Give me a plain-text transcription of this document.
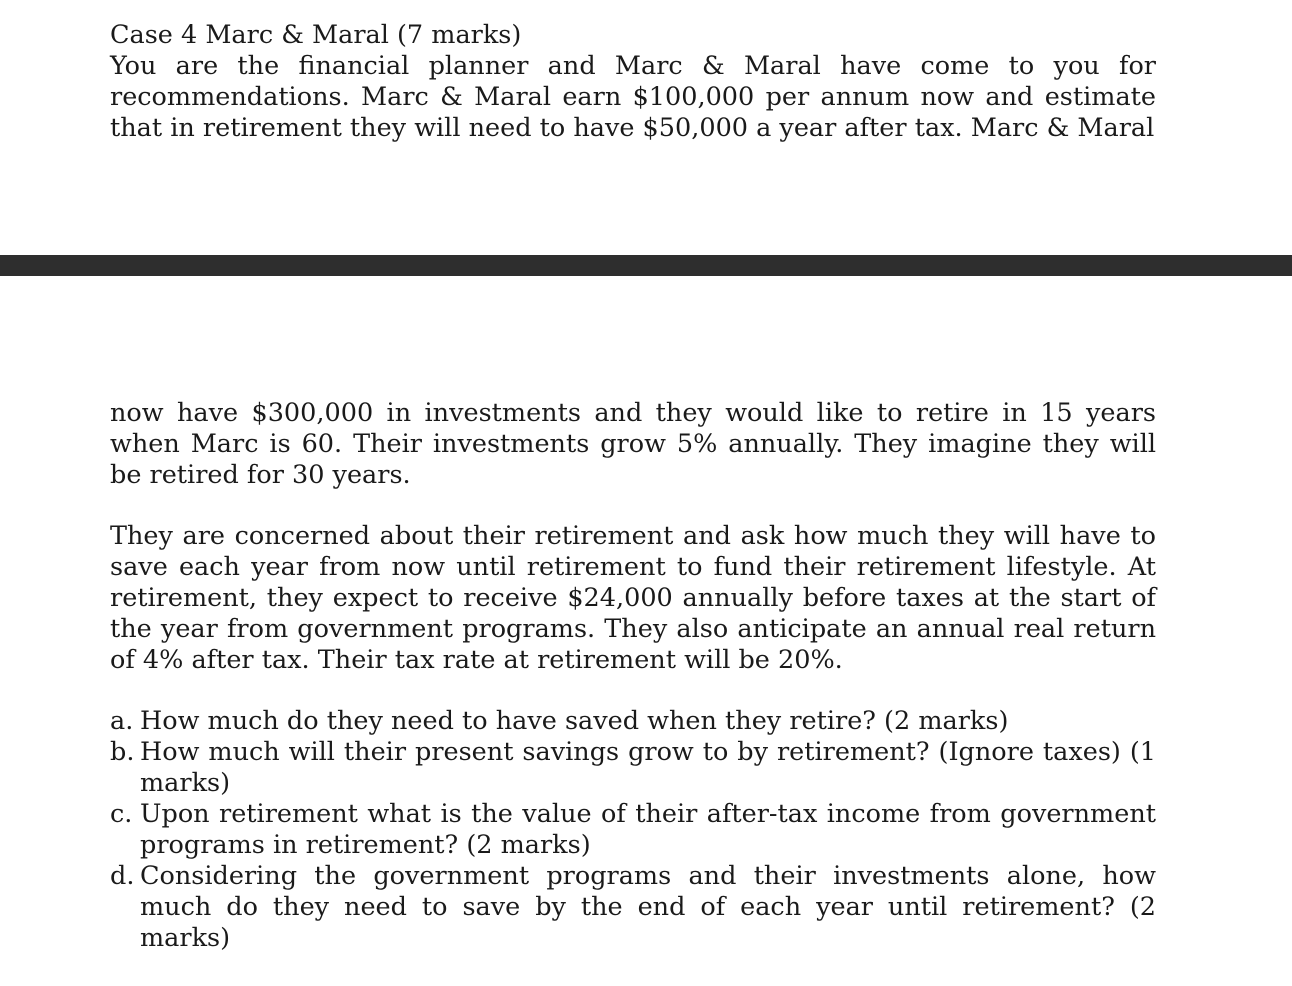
Case 4 Marc & Maral (7 marks)
You are the financial planner and Marc & Maral have come to you for recommendations. Marc & Maral earn $100,000 per annum now and estimate that in retirement they will need to have $50,000 a year after tax. Marc & Maral
now have $300,000 in investments and they would like to retire in 15 years when Marc is 60. Their investments grow 5% annually. They imagine they will be retired for 30 years.
They are concerned about their retirement and ask how much they will have to save each year from now until retirement to fund their retirement lifestyle. At retirement, they expect to receive $24,000 annually before taxes at the start of the year from government programs. They also anticipate an annual real return of 4% after tax. Their tax rate at retirement will be 20%.
a. How much do they need to have saved when they retire? (2 marks)
b. How much will their present savings grow to by retirement? (Ignore taxes) (1 marks)
c. Upon retirement what is the value of their after-tax income from government programs in retirement? (2 marks)
d. Considering the government programs and their investments alone, how much do they need to save by the end of each year until retirement? (2 marks)
